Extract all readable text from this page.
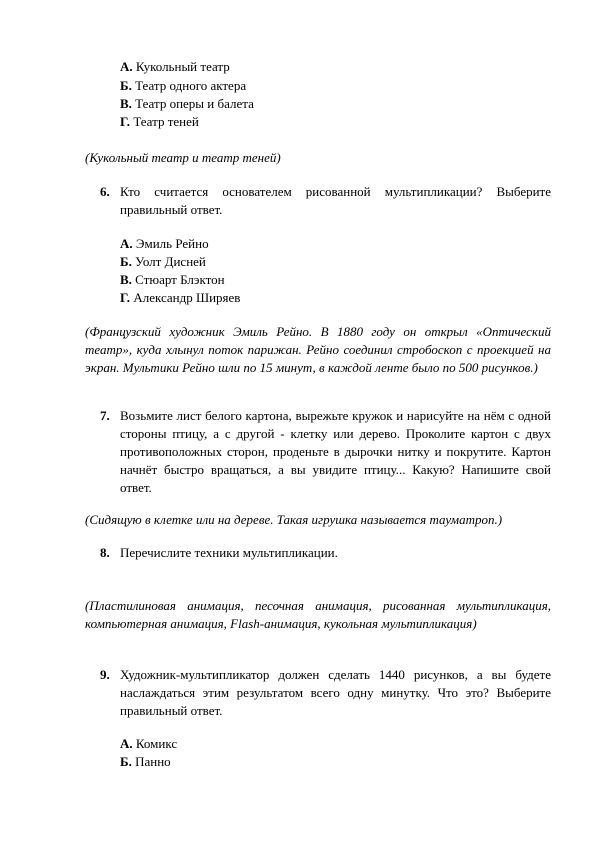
А. Кукольный театр
Б. Театр одного актера
В. Театр оперы и балета
Г. Театр теней
(Кукольный театр и театр теней)
6. Кто считается основателем рисованной мультипликации? Выберите правильный ответ.
А. Эмиль Рейно
Б. Уолт Дисней
В. Стюарт Блэктон
Г. Александр Ширяев
(Французский художник Эмиль Рейно. В 1880 году он открыл «Оптический театр», куда хлынул поток парижан. Рейно соединил стробоскоп с проекцией на экран. Мультики Рейно шли по 15 минут, в каждой ленте было по 500 рисунков.)
7. Возьмите лист белого картона, вырежьте кружок и нарисуйте на нём с одной стороны птицу, а с другой - клетку или дерево. Проколите картон с двух противоположных сторон, проденьте в дырочки нитку и покрутите. Картон начнёт быстро вращаться, а вы увидите птицу... Какую? Напишите свой ответ.
(Сидящую в клетке или на дереве. Такая игрушка называется тауматроп.)
8. Перечислите техники мультипликации.
(Пластилиновая анимация, песочная анимация, рисованная мультипликация, компьютерная анимация, Flash-анимация, кукольная мультипликация)
9. Художник-мультипликатор должен сделать 1440 рисунков, а вы будете наслаждаться этим результатом всего одну минутку. Что это? Выберите правильный ответ.
А. Комикс
Б. Панно
